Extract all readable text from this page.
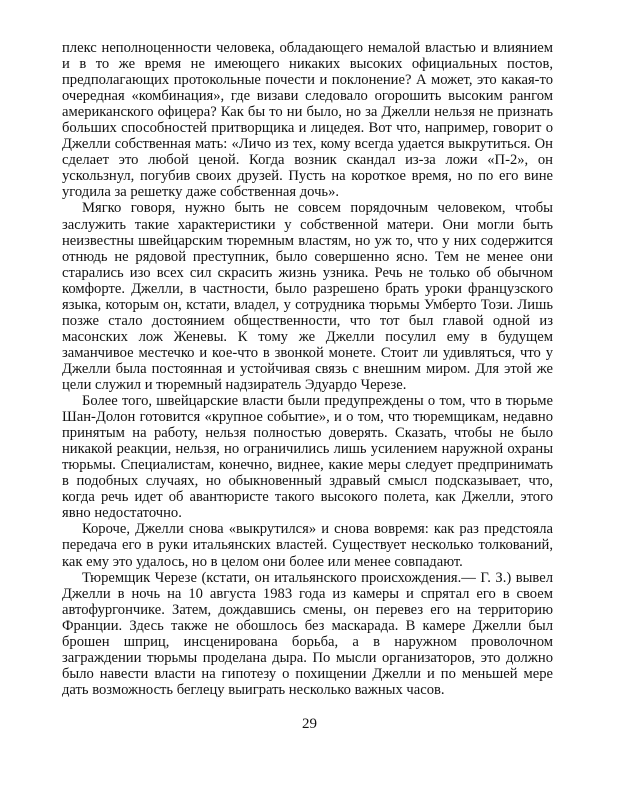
плекс неполноценности человека, обладающего немалой властью и влиянием и в то же время не имеющего никаких высоких официальных постов, предполагающих протокольные почести и поклонение? А может, это какая-то очередная «комбинация», где визави следовало огорошить высоким рангом американского офицера? Как бы то ни было, но за Джелли нельзя не признать больших способностей притворщика и лицедея. Вот что, например, говорит о Джелли собственная мать: «Личо из тех, кому всегда удается выкрутиться. Он сделает это любой ценой. Когда возник скандал из-за ложи «П-2», он ускользнул, погубив своих друзей. Пусть на короткое время, но по его вине угодила за решетку даже собственная дочь».

Мягко говоря, нужно быть не совсем порядочным человеком, чтобы заслужить такие характеристики у собственной матери. Они могли быть неизвестны швейцарским тюремным властям, но уж то, что у них содержится отнюдь не рядовой преступник, было совершенно ясно. Тем не менее они старались изо всех сил скрасить жизнь узника. Речь не только об обычном комфорте. Джелли, в частности, было разрешено брать уроки французского языка, которым он, кстати, владел, у сотрудника тюрьмы Умберто Този. Лишь позже стало достоянием общественности, что тот был главой одной из масонских лож Женевы. К тому же Джелли посулил ему в будущем заманчивое местечко и кое-что в звонкой монете. Стоит ли удивляться, что у Джелли была постоянная и устойчивая связь с внешним миром. Для этой же цели служил и тюремный надзиратель Эдуардо Черезе.

Более того, швейцарские власти были предупреждены о том, что в тюрьме Шан-Долон готовится «крупное событие», и о том, что тюремщикам, недавно принятым на работу, нельзя полностью доверять. Сказать, чтобы не было никакой реакции, нельзя, но ограничились лишь усилением наружной охраны тюрьмы. Специалистам, конечно, виднее, какие меры следует предпринимать в подобных случаях, но обыкновенный здравый смысл подсказывает, что, когда речь идет об авантюристе такого высокого полета, как Джелли, этого явно недостаточно.

Короче, Джелли снова «выкрутился» и снова вовремя: как раз предстояла передача его в руки итальянских властей. Существует несколько толкований, как ему это удалось, но в целом они более или менее совпадают.

Тюремщик Черезе (кстати, он итальянского происхождения.— Г. З.) вывел Джелли в ночь на 10 августа 1983 года из камеры и спрятал его в своем автофургончике. Затем, дождавшись смены, он перевез его на территорию Франции. Здесь также не обошлось без маскарада. В камере Джелли был брошен шприц, инсценирована борьба, а в наружном проволочном заграждении тюрьмы проделана дыра. По мысли организаторов, это должно было навести власти на гипотезу о похищении Джелли и по меньшей мере дать возможность беглецу выиграть несколько важных часов.

29
